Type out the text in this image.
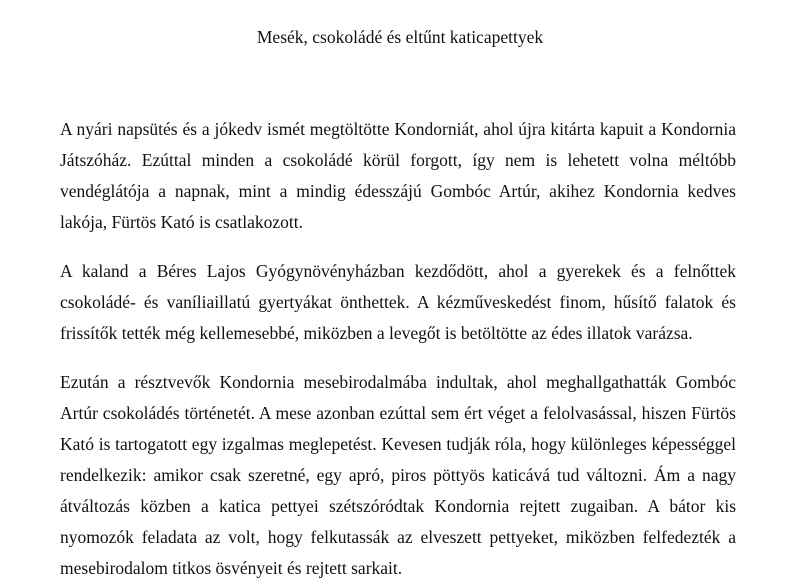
Mesék, csokoládé és eltűnt katicapettyek

A nyári napsütés és a jókedv ismét megtöltötte Kondorniát, ahol újra kitárta kapuit a Kondornia Játszóház. Ezúttal minden a csokoládé körül forgott, így nem is lehetett volna méltóbb vendéglátója a napnak, mint a mindig édesszájú Gombóc Artúr, akihez Kondornia kedves lakója, Fürtös Kató is csatlakozott.

A kaland a Béres Lajos Gyógynövényházban kezdődött, ahol a gyerekek és a felnőttek csokoládé- és vaníliaillatú gyertyákat önthettek. A kézművеskedést finom, hűsítő falatok és frissítők tették még kellemesebbé, miközben a levegőt is betöltötte az édes illatok varázsa.

Ezután a résztvevők Kondornia mesebirodalmába indultak, ahol meghallgathatták Gombóc Artúr csokoládés történetét. A mese azonban ezúttal sem ért véget a felolvasással, hiszen Fürtös Kató is tartogatott egy izgalmas meglepetést. Kevesen tudják róla, hogy különleges képességgel rendelkezik: amikor csak szeretné, egy apró, piros pöttyös katicává tud változni. Ám a nagy átváltozás közben a katica pettyei szétszóródtak Kondornia rejtett zugaiban. A bátor kis nyomozók feladata az volt, hogy felkutassák az elveszett pettyeket, miközben felfedezték a mesebirodalom titkos ösvényeit és rejtett sarkait.
